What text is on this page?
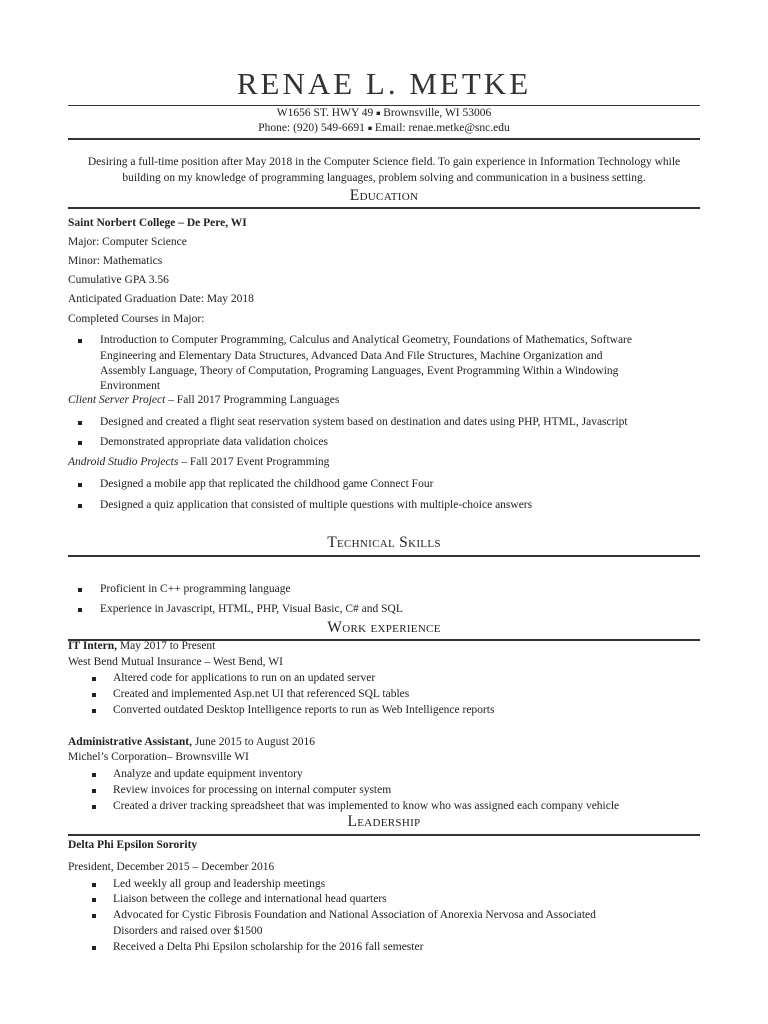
RENAE L. METKE
W1656 ST. HWY 49 ■ Brownsville, WI 53006
Phone: (920) 549-6691 ■ Email: renae.metke@snc.edu
Desiring a full-time position after May 2018 in the Computer Science field. To gain experience in Information Technology while building on my knowledge of programming languages, problem solving and communication in a business setting.
Education
Saint Norbert College – De Pere, WI
Major: Computer Science
Minor: Mathematics
Cumulative GPA 3.56
Anticipated Graduation Date: May 2018
Completed Courses in Major:
Introduction to Computer Programming, Calculus and Analytical Geometry, Foundations of Mathematics, Software
Engineering and Elementary Data Structures, Advanced Data And File Structures, Machine Organization and
Assembly Language, Theory of Computation, Programing Languages, Event Programming Within a Windowing
Environment
Client Server Project – Fall 2017 Programming Languages
Designed and created a flight seat reservation system based on destination and dates using PHP, HTML, Javascript
Demonstrated appropriate data validation choices
Android Studio Projects – Fall 2017 Event Programming
Designed a mobile app that replicated the childhood game Connect Four
Designed a quiz application that consisted of multiple questions with multiple-choice answers
Technical Skills
Proficient in C++ programming language
Experience in Javascript, HTML, PHP, Visual Basic, C# and SQL
Work experience
IT Intern, May 2017 to Present
West Bend Mutual Insurance – West Bend, WI
Altered code for applications to run on an updated server
Created and implemented Asp.net UI that referenced SQL tables
Converted outdated Desktop Intelligence reports to run as Web Intelligence reports
Administrative Assistant, June 2015 to August 2016
Michel’s Corporation– Brownsville WI
Analyze and update equipment inventory
Review invoices for processing on internal computer system
Created a driver tracking spreadsheet that was implemented to know who was assigned each company vehicle
Leadership
Delta Phi Epsilon Sorority
President, December 2015 – December 2016
Led weekly all group and leadership meetings
Liaison between the college and international head quarters
Advocated for Cystic Fibrosis Foundation and National Association of Anorexia Nervosa and Associated
Disorders and raised over $1500
Received a Delta Phi Epsilon scholarship for the 2016 fall semester
